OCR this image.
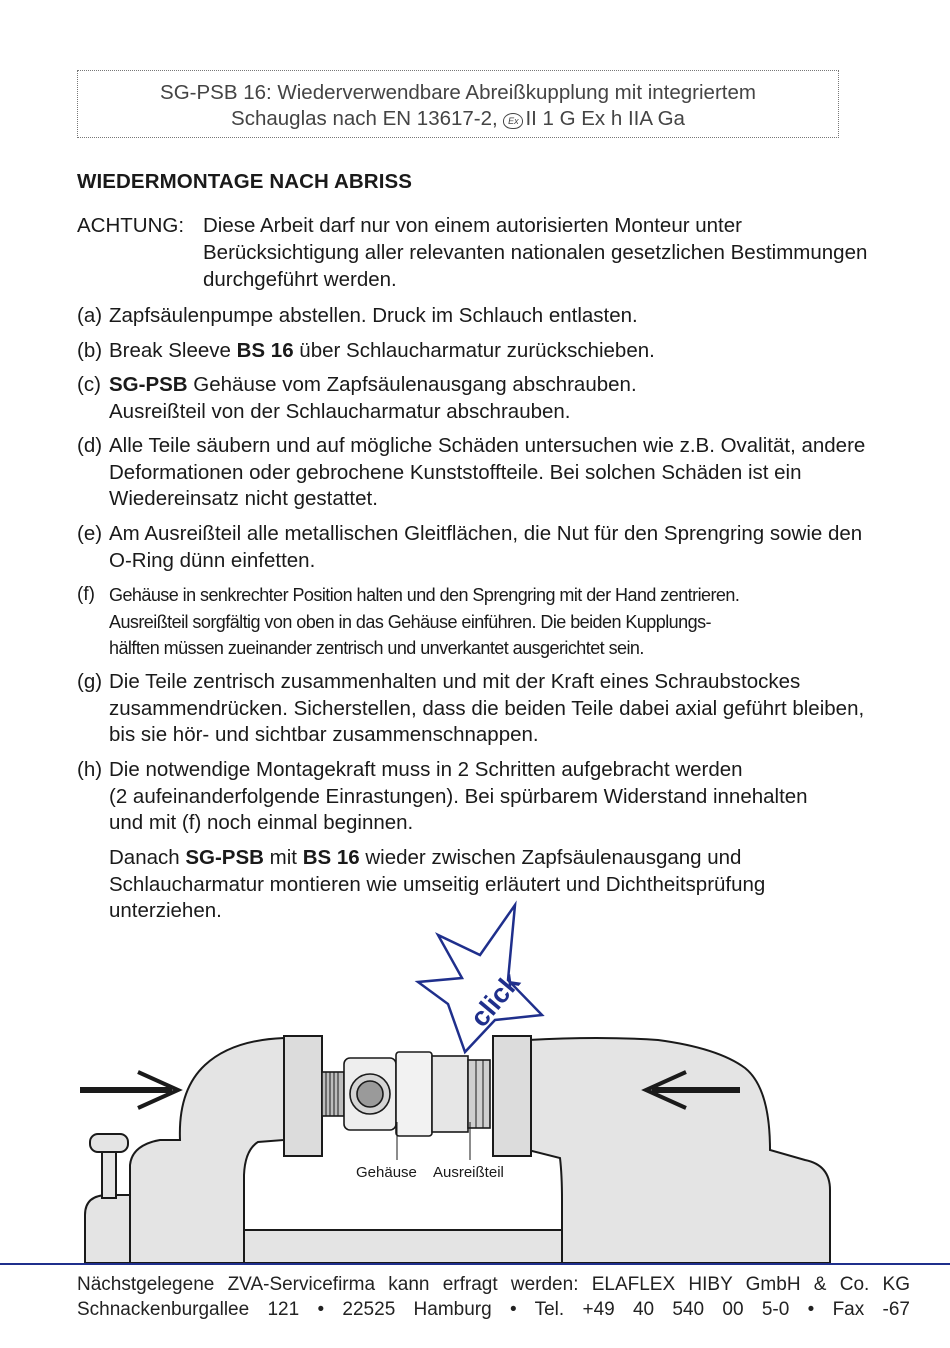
SG-PSB 16: Wiederverwendbare Abreißkupplung mit integriertem
Schauglas nach EN 13617-2, Ex II 1 G Ex h IIA Ga
WIEDERMONTAGE NACH ABRISS
ACHTUNG: Diese Arbeit darf nur von einem autorisierten Monteur unter Berücksichtigung aller relevanten nationalen gesetzlichen Bestimmungen durchgeführt werden.
(a) Zapfsäulenpumpe abstellen. Druck im Schlauch entlasten.
(b) Break Sleeve BS 16 über Schlaucharmatur zurückschieben.
(c) SG-PSB Gehäuse vom Zapfsäulenausgang abschrauben.
Ausreißteil von der Schlaucharmatur abschrauben.
(d) Alle Teile säubern und auf mögliche Schäden untersuchen wie z.B. Ovalität, andere Deformationen oder gebrochene Kunststoffteile. Bei solchen Schäden ist ein Wiedereinsatz nicht gestattet.
(e) Am Ausreißteil alle metallischen Gleitflächen, die Nut für den Sprengring sowie den O-Ring dünn einfetten.
(f) Gehäuse in senkrechter Position halten und den Sprengring mit der Hand zentrieren.
Ausreißteil sorgfältig von oben in das Gehäuse einführen. Die beiden Kupplungs-
hälften müssen zueinander zentrisch und unverkantet ausgerichtet sein.
(g) Die Teile zentrisch zusammenhalten und mit der Kraft eines Schraubstockes zusammendrücken. Sicherstellen, dass die beiden Teile dabei axial geführt bleiben, bis sie hör- und sichtbar zusammenschnappen.
(h) Die notwendige Montagekraft muss in 2 Schritten aufgebracht werden
(2 aufeinanderfolgende Einrastungen). Bei spürbarem Widerstand innehalten
und mit (f) noch einmal beginnen.
Danach SG-PSB mit BS 16 wieder zwischen Zapfsäulenausgang und Schlaucharmatur montieren wie umseitig erläutert und Dichtheitsprüfung unterziehen.
click
Gehäuse Ausreißteil
Nächstgelegene ZVA-Servicefirma kann erfragt werden: ELAFLEX HIBY GmbH & Co. KG
Schnackenburgallee 121 • 22525 Hamburg • Tel. +49 40 540 00 5-0 • Fax -67
